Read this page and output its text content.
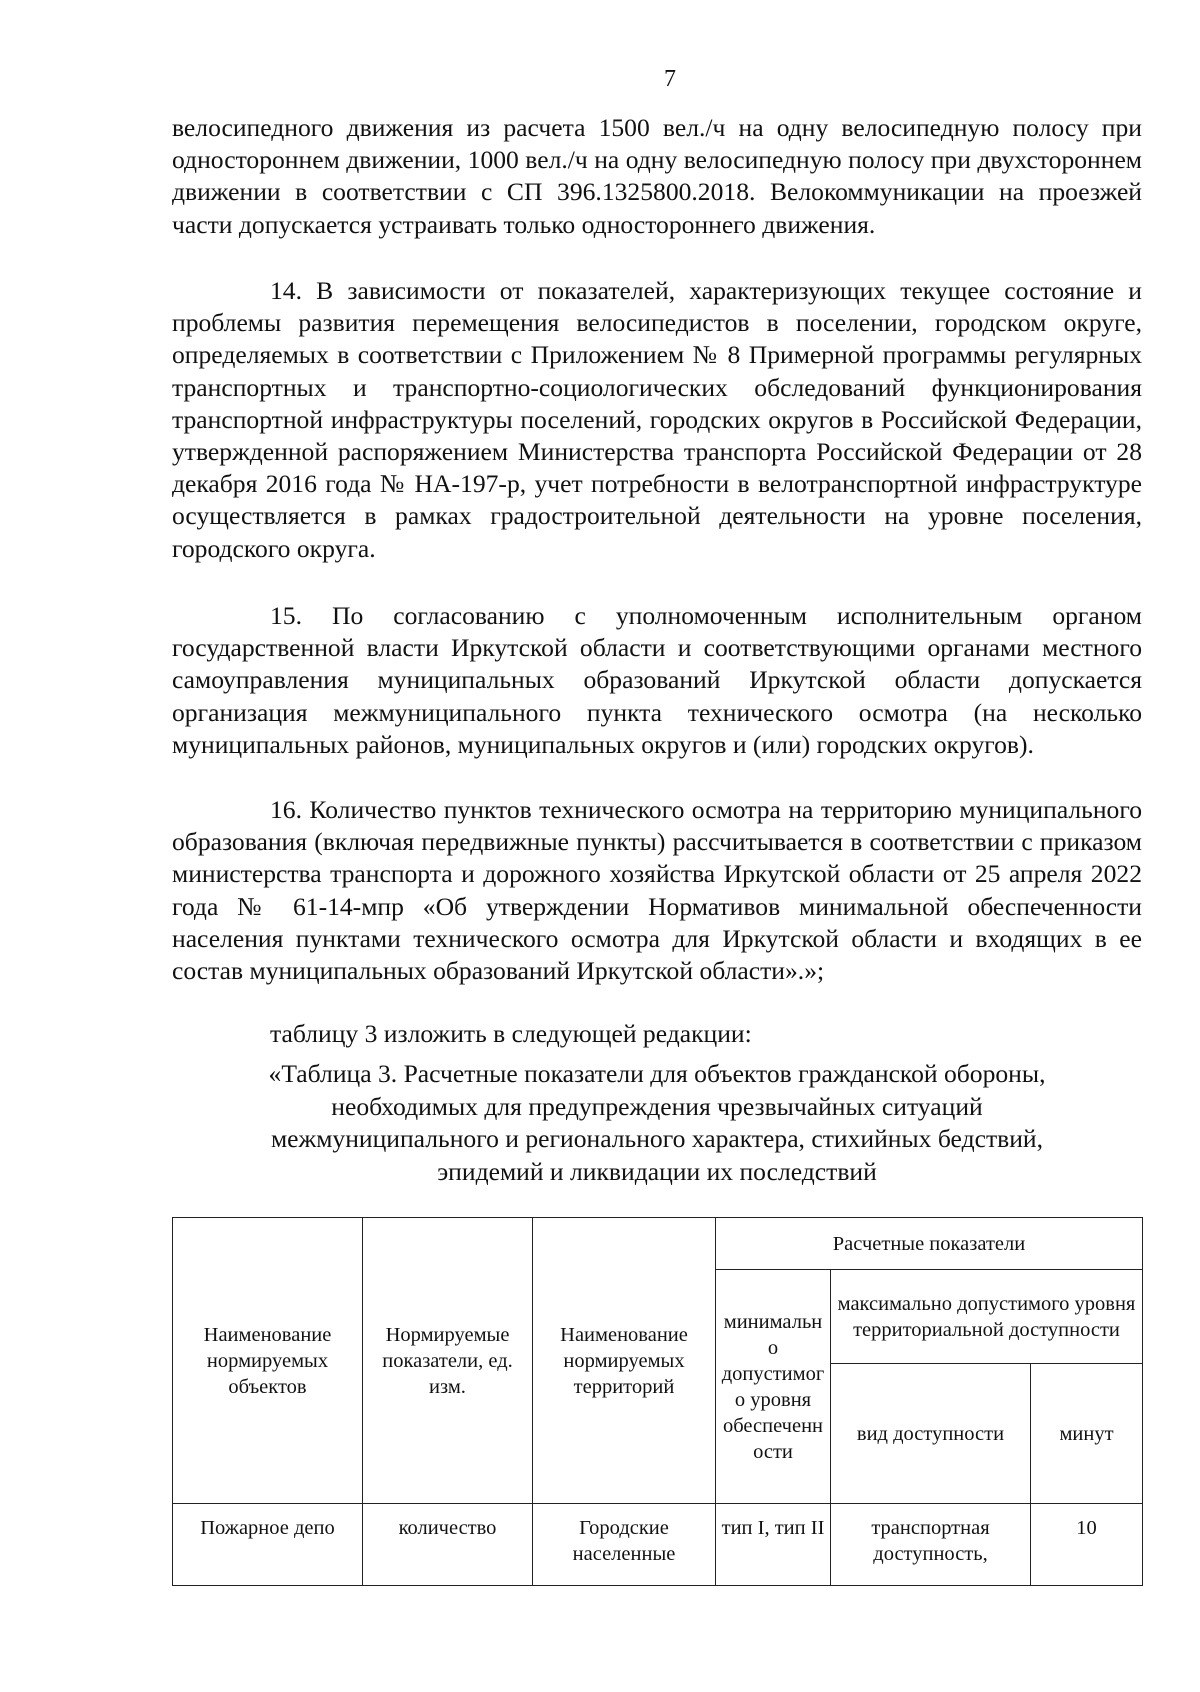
7
велосипедного движения из расчета 1500 вел./ч на одну велосипедную полосу при одностороннем движении, 1000 вел./ч на одну велосипедную полосу при двухстороннем движении в соответствии с СП 396.1325800.2018. Велокоммуникации на проезжей части допускается устраивать только одностороннего движения.
14. В зависимости от показателей, характеризующих текущее состояние и проблемы развития перемещения велосипедистов в поселении, городском округе, определяемых в соответствии с Приложением № 8 Примерной программы регулярных транспортных и транспортно-социологических обследований функционирования транспортной инфраструктуры поселений, городских округов в Российской Федерации, утвержденной распоряжением Министерства транспорта Российской Федерации от 28 декабря 2016 года № НА-197-р, учет потребности в велотранспортной инфраструктуре осуществляется в рамках градостроительной деятельности на уровне поселения, городского округа.
15. По согласованию с уполномоченным исполнительным органом государственной власти Иркутской области и соответствующими органами местного самоуправления муниципальных образований Иркутской области допускается организация межмуниципального пункта технического осмотра (на несколько муниципальных районов, муниципальных округов и (или) городских округов).
16. Количество пунктов технического осмотра на территорию муниципального образования (включая передвижные пункты) рассчитывается в соответствии с приказом министерства транспорта и дорожного хозяйства Иркутской области от 25 апреля 2022 года № 61-14-мпр «Об утверждении Нормативов минимальной обеспеченности населения пунктами технического осмотра для Иркутской области и входящих в ее состав муниципальных образований Иркутской области».»;
таблицу 3 изложить в следующей редакции:
«Таблица 3. Расчетные показатели для объектов гражданской обороны,
необходимых для предупреждения чрезвычайных ситуаций
межмуниципального и регионального характера, стихийных бедствий,
эпидемий и ликвидации их последствий
Наименование нормируемых объектов	Нормируемые показатели, ед. изм.	Наименование нормируемых территорий	Расчетные показатели		
			минимально допустимого уровня обеспеченности	максимально допустимого уровня территориальной доступности	
				вид доступности	минут
Пожарное депо	количество	Городские населенные	тип I, тип II	транспортная доступность,	10
